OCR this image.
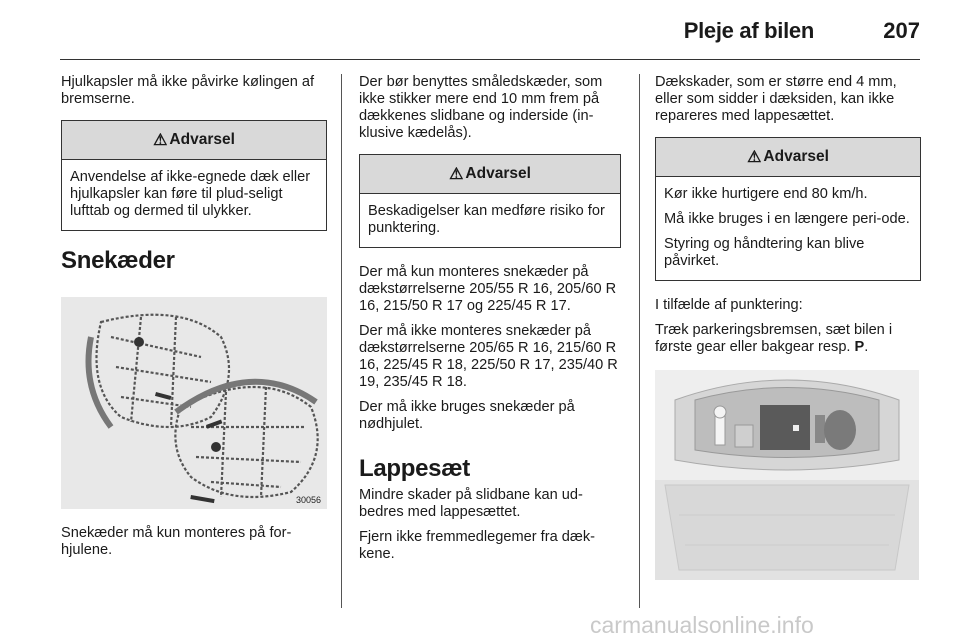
Pleje af bilen	207

Hjulkapsler må ikke påvirke kølingen af bremserne.

⚠ Advarsel

Anvendelse af ikke-egnede dæk eller hjulkapsler kan føre til plud-seligt lufttab og dermed til ulykker.

Snekæder
30056

Snekæder må kun monteres på for-hjulene.

Der bør benyttes småledskæder, som ikke stikker mere end 10 mm frem på dækkenes slidbane og inderside (in-klusive kædelås).

⚠ Advarsel

Beskadigelser kan medføre risiko for punktering.

Der må kun monteres snekæder på dækstørrelserne 205/55 R 16, 205/60 R 16, 215/50 R 17 og 225/45 R 17.

Der må ikke monteres snekæder på dækstørrelserne 205/65 R 16, 215/60 R 16, 225/45 R 18, 225/50 R 17, 235/40 R 19, 235/45 R 18.

Der må ikke bruges snekæder på nødhjulet.

Lappesæt

Mindre skader på slidbane kan ud-bedres med lappesættet.

Fjern ikke fremmedlegemer fra dæk-kene.

Dækskader, som er større end 4 mm, eller som sidder i dæksiden, kan ikke repareres med lappesættet.

⚠ Advarsel

Kør ikke hurtigere end 80 km/h.

Må ikke bruges i en længere peri-ode.

Styring og håndtering kan blive påvirket.

I tilfælde af punktering:

Træk parkeringsbremsen, sæt bilen i første gear eller bakgear resp. P.

carmanualsonline.info
